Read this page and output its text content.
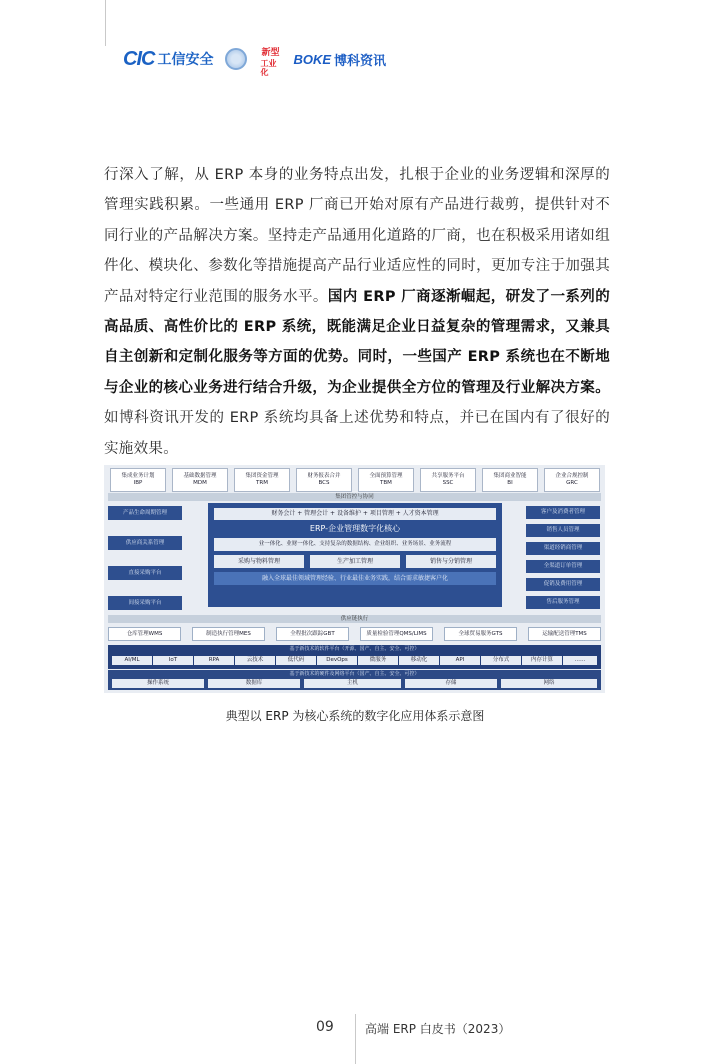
CIC 工信安全	新型
工业化
BOKE 博科资讯

行深入了解，从 ERP 本身的业务特点出发，扎根于企业的业务逻辑和深厚的管理实践积累。一些通用 ERP 厂商已开始对原有产品进行裁剪，提供针对不同行业的产品解决方案。坚持走产品通用化道路的厂商，也在积极采用诸如组件化、模块化、参数化等措施提高产品行业适应性的同时，更加专注于加强其产品对特定行业范围的服务水平。国内 ERP 厂商逐渐崛起，研发了一系列的高品质、高性价比的 ERP 系统，既能满足企业日益复杂的管理需求，又兼具自主创新和定制化服务等方面的优势。同时，一些国产 ERP 系统也在不断地与企业的核心业务进行结合升级，为企业提供全方位的管理及行业解决方案。如博科资讯开发的 ERP 系统均具备上述优势和特点，并已在国内有了很好的实施效果。

集成业务计划
IBP
基础数据管理
MDM
集团资金管理
TRM
财务报表合并
BCS
全面预算管理
TBM
共享服务平台
SSC
集团商业智能
BI
企业合规控制
GRC
集团管控与协同
产品生命周期管理
供应商关系管理
直接采购平台
间接采购平台
客户及消费者管理
销售人员管理
渠道经销商管理
全渠道订单管理
促销及费用管理
售后服务管理
财务会计 + 管理会计 + 设备维护 + 项目管理 + 人才资本管理
ERP-企业管理数字化核心
业一体化、业财一体化、支持复杂的数据结构、企业组织、业务场景、业务流程
采购与物料管理	生产加工管理	销售与分销管理
融入全球最佳领域管理经验、行业最佳业务实践，结合需求敏捷客户化
供应链执行
仓库管理WMS	制造执行管理MES	全程批次跟踪GBT	质量检验管理QMS/LIMS	全球贸易服务GTS	运输配送管理TMS
基于新技术的软件平台（开源、国产、自主、安全、可控）
AI/ML	IoT	RPA	云技术	低代码	DevOps	微服务	移动化	API	分布式	内存计算	……
基于新技术的硬件及网络平台（国产、自主、安全、可控）
操作系统	数据库	主机	存储	网络

典型以 ERP 为核心系统的数字化应用体系示意图

09	高端 ERP 白皮书（2023）
